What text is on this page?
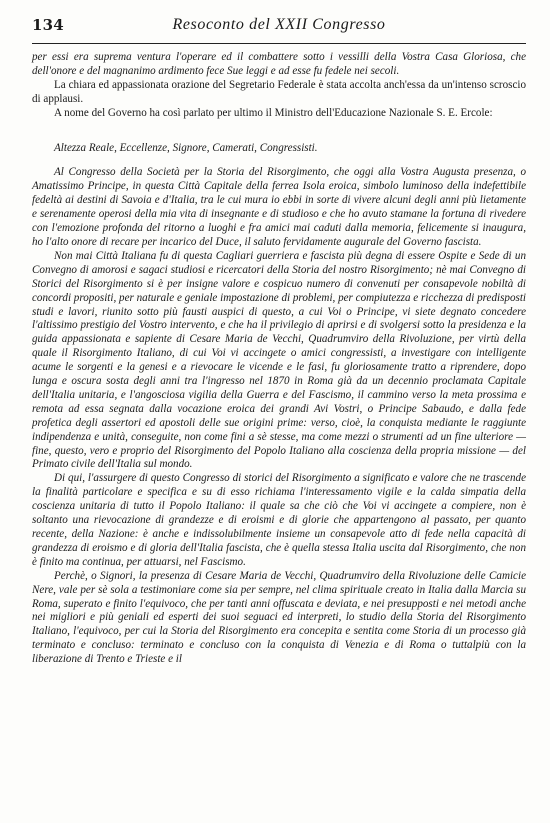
134	Resoconto del XXII Congresso

per essi era suprema ventura l'operare ed il combattere sotto i vessilli della Vostra Casa Gloriosa, che dell'onore e del magnanimo ardimento fece Sue leggi e ad esse fu fedele nei secoli.

La chiara ed appassionata orazione del Segretario Federale è stata accolta anch'essa da un'intenso scroscio di applausi.

A nome del Governo ha così parlato per ultimo il Ministro dell'Educazione Nazionale S. E. Ercole:

Altezza Reale, Eccellenze, Signore, Camerati, Congressisti.

Al Congresso della Società per la Storia del Risorgimento, che oggi alla Vostra Augusta presenza, o Amatissimo Principe, in questa Città Capitale della ferrea Isola eroica, simbolo luminoso della indefettibile fedeltà ai destini di Savoia e d'Italia, tra le cui mura io ebbi in sorte di vivere alcuni degli anni più lietamente e serenamente operosi della mia vita di insegnante e di studioso e che ho avuto stamane la fortuna di rivedere con l'emozione profonda del ritorno a luoghi e fra amici mai caduti dalla memoria, felicemente si inaugura, ho l'alto onore di recare per incarico del Duce, il saluto fervidamente augurale del Governo fascista.

Non mai Città Italiana fu di questa Cagliari guerriera e fascista più degna di essere Ospite e Sede di un Convegno di amorosi e sagaci studiosi e ricercatori della Storia del nostro Risorgimento; nè mai Convegno di Storici del Risorgimento si è per insigne valore e cospicuo numero di convenuti per consapevole nobiltà di concordi propositi, per naturale e geniale impostazione di problemi, per compiutezza e ricchezza di predisposti studi e lavori, riunito sotto più fausti auspici di questo, a cui Voi o Principe, vi siete degnato concedere l'altissimo prestigio del Vostro intervento, e che ha il privilegio di aprirsi e di svolgersi sotto la presidenza e la guida appassionata e sapiente di Cesare Maria de Vecchi, Quadrumviro della Rivoluzione, per virtù della quale il Risorgimento Italiano, di cui Voi vi accingete o amici congressisti, a investigare con intelligente acume le sorgenti e la genesi e a rievocare le vicende e le fasi, fu gloriosamente tratto a riprendere, dopo lunga e oscura sosta degli anni tra l'ingresso nel 1870 in Roma già da un decennio proclamata Capitale dell'Italia unitaria, e l'angosciosa vigilia della Guerra e del Fascismo, il cammino verso la meta prossima e remota ad essa segnata dalla vocazione eroica dei grandi Avi Vostri, o Principe Sabaudo, e dalla fede profetica degli assertori ed apostoli delle sue origini prime: verso, cioè, la conquista mediante le raggiunte indipendenza e unità, conseguite, non come fini a sè stesse, ma come mezzi o strumenti ad un fine ulteriore — fine, questo, vero e proprio del Risorgimento del Popolo Italiano alla coscienza della propria missione — del Primato civile dell'Italia sul mondo.

Di qui, l'assurgere di questo Congresso di storici del Risorgimento a significato e valore che ne trascende la finalità particolare e specifica e su di esso richiama l'interessamento vigile e la calda simpatia della coscienza unitaria di tutto il Popolo Italiano: il quale sa che ciò che Voi vi accingete a compiere, non è soltanto una rievocazione di grandezze e di eroismi e di glorie che appartengono al passato, per quanto recente, della Nazione: è anche e indissolubilmente insieme un consapevole atto di fede nella capacità di grandezza di eroismo e di gloria dell'Italia fascista, che è quella stessa Italia uscita dal Risorgimento, che non è finito ma continua, per attuarsi, nel Fascismo.

Perchè, o Signori, la presenza di Cesare Maria de Vecchi, Quadrumviro della Rivoluzione delle Camicie Nere, vale per sè sola a testimoniare come sia per sempre, nel clima spirituale creato in Italia dalla Marcia su Roma, superato e finito l'equivoco, che per tanti anni offuscata e deviata, e nei presupposti e nei metodi anche nei migliori e più geniali ed esperti dei suoi seguaci ed interpreti, lo studio della Storia del Risorgimento Italiano, l'equivoco, per cui la Storia del Risorgimento era concepita e sentita come Storia di un processo già terminato e concluso: terminato e concluso con la conquista di Venezia e di Roma o tuttalpiù con la liberazione di Trento e Trieste e il
